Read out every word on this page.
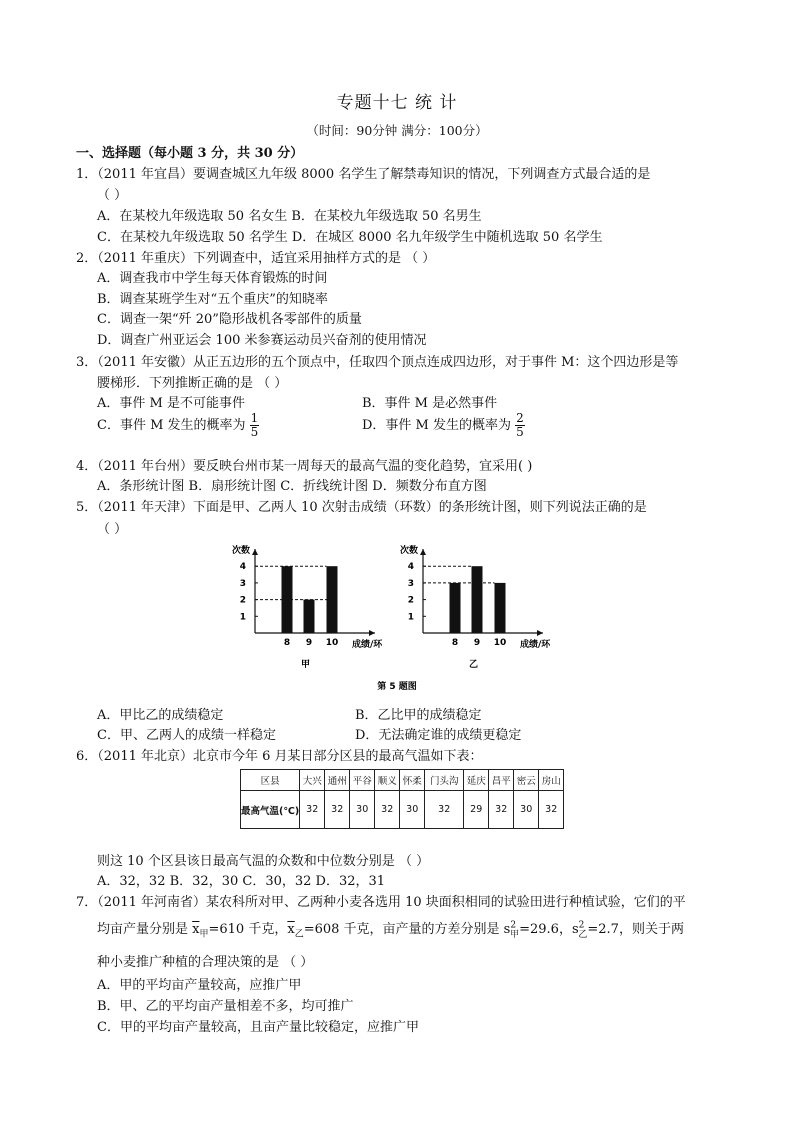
专题十七 统 计
（时间：90分钟 满分：100分）
一、选择题（每小题 3 分，共 30 分）
1．（2011 年宜昌）要调查城区九年级 8000 名学生了解禁毒知识的情况，下列调查方式最合适的是
（ ）
A．在某校九年级选取 50 名女生 B．在某校九年级选取 50 名男生
C．在某校九年级选取 50 名学生 D．在城区 8000 名九年级学生中随机选取 50 名学生
2．（2011 年重庆）下列调查中，适宜采用抽样方式的是 （ ）
A．调查我市中学生每天体育锻炼的时间
B．调查某班学生对“五个重庆”的知晓率
C．调查一架“歼 20”隐形战机各零部件的质量
D．调查广州亚运会 100 米参赛运动员兴奋剂的使用情况
3．（2011 年安徽）从正五边形的五个顶点中，任取四个顶点连成四边形，对于事件 M：这个四边形是等
腰梯形．下列推断正确的是 （ ）
A．事件 M 是不可能事件	B．事件 M 是必然事件
C．事件 M 发生的概率为 $\frac{1}{5}$	D．事件 M 发生的概率为 $\frac{2}{5}$
4．（2011 年台州）要反映台州市某一周每天的最高气温的变化趋势，宜采用( )
A．条形统计图 B．扇形统计图 C．折线统计图 D．频数分布直方图
5．（2011 年天津）下面是甲、乙两人 10 次射击成绩（环数）的条形统计图，则下列说法正确的是
（ ）
次数
成绩/环
甲
1
2
3
4
8 9 10
次数
成绩/环
乙
1
2
3
4
8 9 10
第 5 题图
A．甲比乙的成绩稳定	B．乙比甲的成绩稳定
C．甲、乙两人的成绩一样稳定	D．无法确定谁的成绩更稳定
6．（2011 年北京）北京市今年 6 月某日部分区县的最高气温如下表：
区县	大兴	通州	平谷	顺义	怀柔	门头沟	延庆	昌平	密云	房山
最高气温(℃)	32	32	30	32	30	32	29	32	30	32
则这 10 个区县该日最高气温的众数和中位数分别是 （ ）
A．32，32 B．32，30 C．30，32 D．32，31
7．（2011 年河南省）某农科所对甲、乙两种小麦各选用 10 块面积相同的试验田进行种植试验，它们的平
均亩产量分别是 $\overline{x}_甲=610$ 千克，$\overline{x}_乙=608$ 千克，亩产量的方差分别是 $s^2_甲=29.6$，$s^2_乙=2.7$，则关于两
种小麦推广种植的合理决策的是 （ ）
A．甲的平均亩产量较高，应推广甲
B．甲、乙的平均亩产量相差不多，均可推广
C．甲的平均亩产量较高，且亩产量比较稳定，应推广甲
